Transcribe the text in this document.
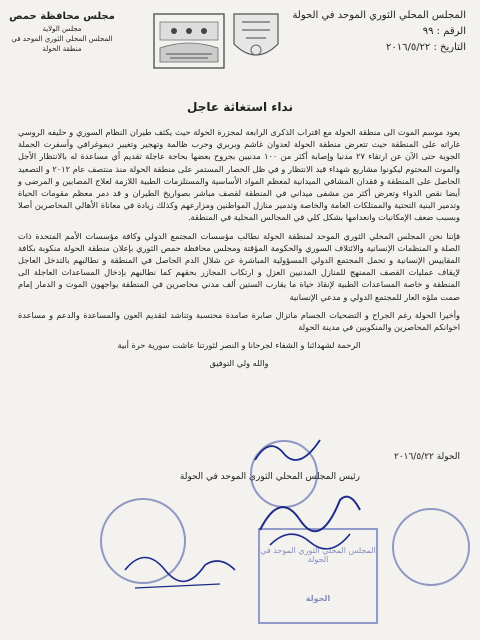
المجلس المحلي الثوري الموحد في الحولة
الرقم : ٩٩
التاريخ : ٢٠١٦/٥/٢٢
مجلس محافظة حمص
مجلس الولاية
المجلس المحلي الثوري الموحد في منطقة الحولة
نداء استغاثة عاجل

يعود موسم الموت الى منطقة الحولة مع اقتراب الذكرى الرابعة لمجزرة الحولة حيث يكثف طيران النظام السوري و حليفه الروسي غاراته على المنطقة حيث تتعرض منطقة الحولة لعدوان غاشم وبربري وحرب ظالمة وتهجير وتغيير ديموغرافي وأسفرت الحملة الجوية حتى الآن عن ارتقاء ٢٧ مدنيا وإصابة أكثر من ١٠٠ مدنيين بجروح بعضها بحاجة عاجلة تقديم أي مساعدة له بالانتظار الأجل والموت المحتوم ليكونوا مشاريع شهداء قيد الانتظار و في ظل الحصار المستمر على منطقة الحولة منذ منتصف عام ٢٠١٢ و التصعيد الحاصل على المنطقة و فقدان المشافي الميدانية لمعظم المواد الأساسية والمستلزمات الطبية اللازمة لعلاج المصابين و المرضى و أيضا نقص الدواء وتعرض أكثر من مشفى ميداني في المنطقة لقصف مباشر بصواريخ الطيران و قد دمر معظم مقومات الحياة وتدمير البنية التحتية والممتلكات العامة والخاصة وتدمير منازل المواطنين ومزارعهم وكذلك زيادة في معاناة الأهالي المحاصرين أصلا وبسبب ضعف الإمكانيات وانعدامها بشكل كلي في المجالس المحلية في المنطقة.

فإننا نحن المجلس المحلي الثوري الموحد لمنطقة الحولة نطالب مؤسسات المجتمع الدولي وكافة مؤسسات الأمم المتحدة ذات الصلة و المنظمات الإنسانية والائتلاف السوري والحكومة المؤقتة ومجلس محافظة حمص الثوري بإعلان منطقة الحولة منكوبة بكافة المقاييس الإنسانية و تحمل المجتمع الدولي المسؤولية المباشرة عن شلال الدم الحاصل في المنطقة و نطالبهم بالتدخل العاجل لإيقاف عمليات القصف الممنهج للمنازل المدنيين العزل و ارتكاب المجازر بحقهم كما نطالبهم بإدخال المساعدات العاجلة الى المنطقة و خاصة المساعدات الطبية لإنقاذ حياة ما يقارب الستين ألف مدني محاصرين في المنطقة يواجهون الموت و الدمار إمام صمت ملؤه العار للمجتمع الدولي و مدعي الإنسانية

وأخيرا الحولة رغم الجراح و التضحيات الجسام ماتزال صابرة صامدة محتسبة وتناشد لتقديم العون والمساعدة والدعم و مساعدة اخوانكم المحاصرين والمنكوبين في مدينة الحولة

الرحمة لشهدائنا و الشفاء لجرحانا و النصر لثورتنا عاشت سورية حرة أبية

والله ولي التوفيق

الحولة ٢٠١٦/٥/٢٢
رئيس المجلس المحلي الثوري الموحد في الحولة
المجلس المحلي الثوري الموحد في الحولة
الحولة
